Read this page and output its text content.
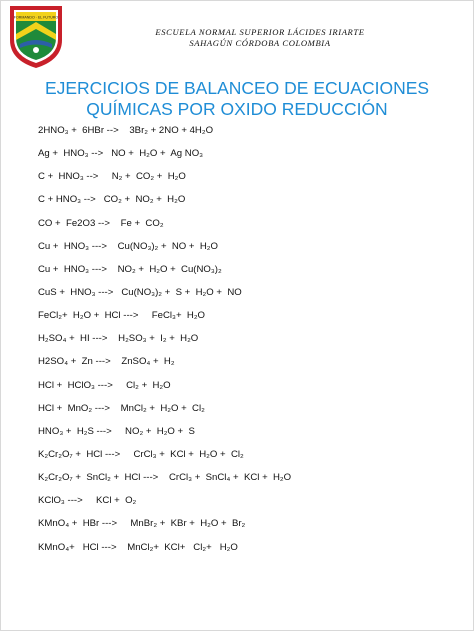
FORMANDO · EL FUTURO
ESCUELA NORMAL SUPERIOR LÁCIDES IRIARTE
SAHAGÚN CÓRDOBA COLOMBIA
EJERCICIOS DE BALANCEO DE ECUACIONES
QUÍMICAS POR OXIDO REDUCCIÓN
2HNO₃ +  6HBr -->    3Br₂ + 2NO + 4H₂O
Ag +  HNO₃ -->   NO +  H₂O +  Ag NO₃
C +  HNO₃ -->     N₂ +  CO₂ +  H₂O
C + HNO₃ -->   CO₂ +  NO₂ +  H₂O
CO +  Fe2O3 -->    Fe +  CO₂
Cu +  HNO₃ --->    Cu(NO₃)₂ +  NO +  H₂O
Cu +  HNO₃ --->    NO₂ +  H₂O +  Cu(NO₃)₂
CuS +  HNO₃ --->   Cu(NO₃)₂ +  S +  H₂O +  NO
FeCl₂+  H₂O +  HCl --->     FeCl₃+  H₂O
H₂SO₄ +  HI --->    H₂SO₃ +  I₂ +  H₂O
H2SO₄ +  Zn --->    ZnSO₄ +  H₂
HCl +  HClO₃ --->     Cl₂ +  H₂O
HCl +  MnO₂ --->    MnCl₂ +  H₂O +  Cl₂
HNO₃ +  H₂S --->     NO₂ +  H₂O +  S
K₂Cr₂O₇ +  HCl --->     CrCl₃ +  KCl +  H₂O +  Cl₂
K₂Cr₂O₇ +  SnCl₂ +  HCl --->    CrCl₃ +  SnCl₄ +  KCl +  H₂O
KClO₃ --->     KCl +  O₂
KMnO₄ +  HBr --->     MnBr₂ +  KBr +  H₂O +  Br₂
KMnO₄+   HCl --->    MnCl₂+  KCl+   Cl₂+   H₂O
